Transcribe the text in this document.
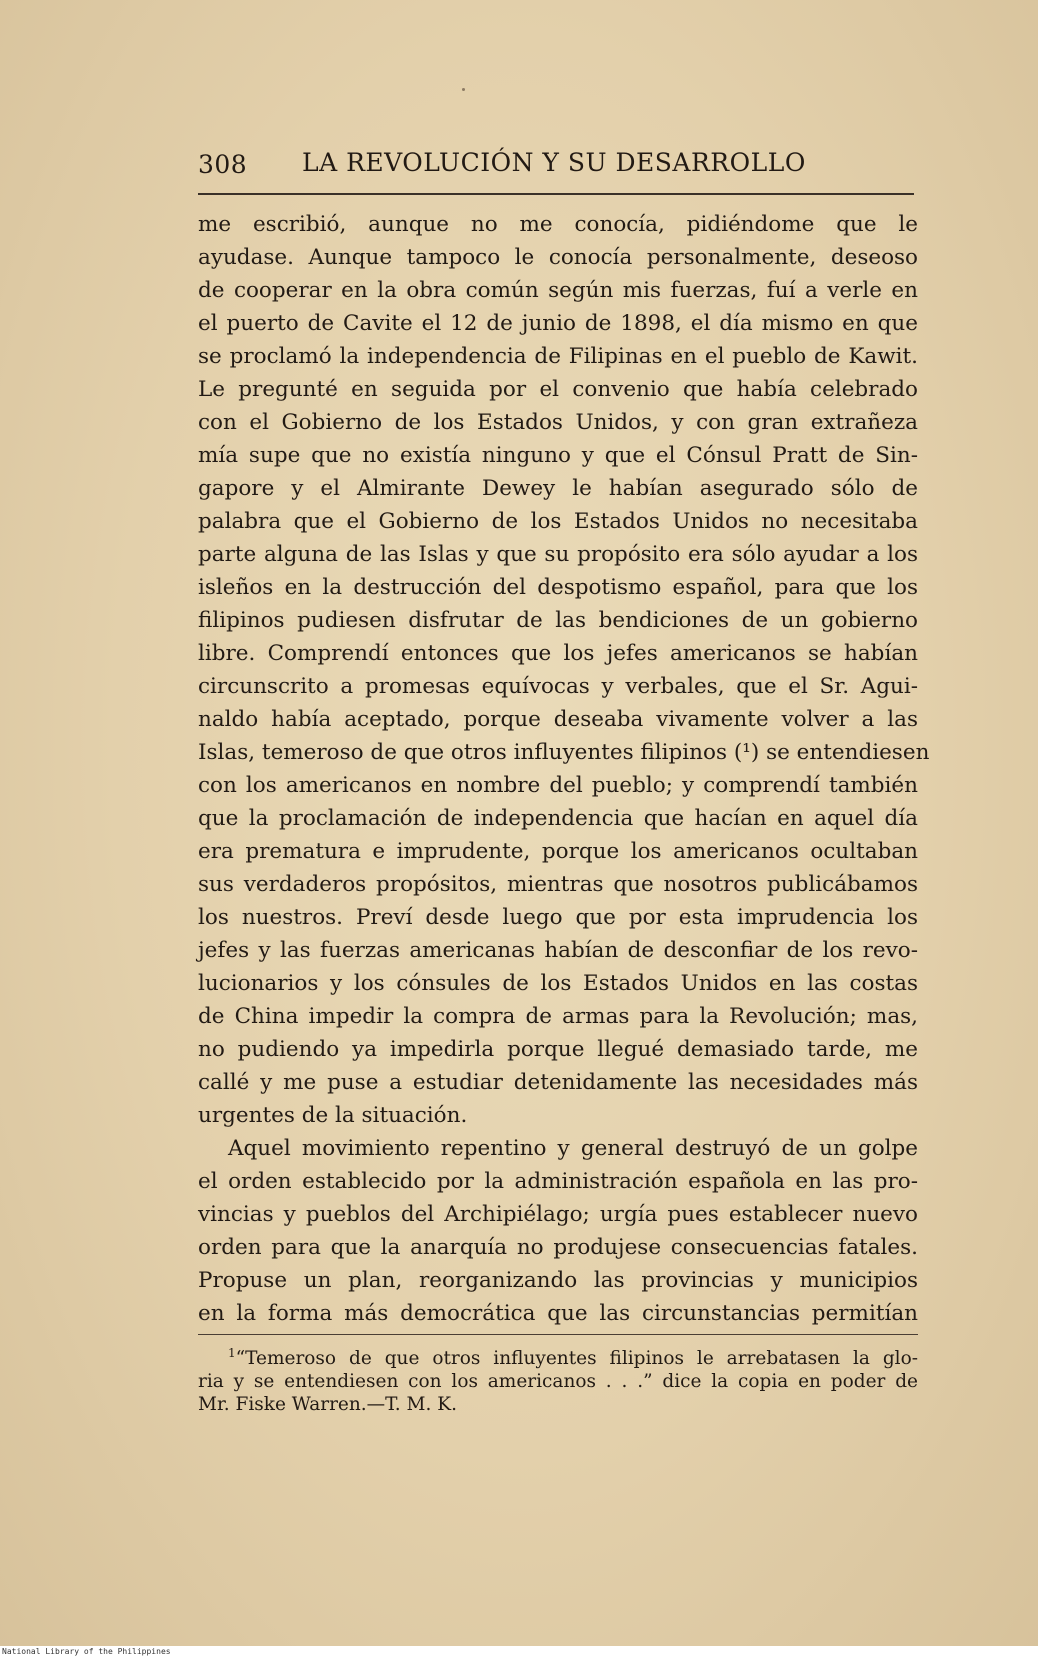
308 LA REVOLUCIÓN Y SU DESARROLLO
me escribió, aunque no me conocía, pidiéndome que le
ayudase. Aunque tampoco le conocía personalmente, deseoso
de cooperar en la obra común según mis fuerzas, fuí a verle en
el puerto de Cavite el 12 de junio de 1898, el día mismo en que
se proclamó la independencia de Filipinas en el pueblo de Kawit.
Le pregunté en seguida por el convenio que había celebrado
con el Gobierno de los Estados Unidos, y con gran extrañeza
mía supe que no existía ninguno y que el Cónsul Pratt de Sin-
gapore y el Almirante Dewey le habían asegurado sólo de
palabra que el Gobierno de los Estados Unidos no necesitaba
parte alguna de las Islas y que su propósito era sólo ayudar a los
isleños en la destrucción del despotismo español, para que los
filipinos pudiesen disfrutar de las bendiciones de un gobierno
libre. Comprendí entonces que los jefes americanos se habían
circunscrito a promesas equívocas y verbales, que el Sr. Agui-
naldo había aceptado, porque deseaba vivamente volver a las
Islas, temeroso de que otros influyentes filipinos (¹) se entendiesen
con los americanos en nombre del pueblo; y comprendí también
que la proclamación de independencia que hacían en aquel día
era prematura e imprudente, porque los americanos ocultaban
sus verdaderos propósitos, mientras que nosotros publicábamos
los nuestros. Preví desde luego que por esta imprudencia los
jefes y las fuerzas americanas habían de desconfiar de los revo-
lucionarios y los cónsules de los Estados Unidos en las costas
de China impedir la compra de armas para la Revolución; mas,
no pudiendo ya impedirla porque llegué demasiado tarde, me
callé y me puse a estudiar detenidamente las necesidades más
urgentes de la situación.
Aquel movimiento repentino y general destruyó de un golpe
el orden establecido por la administración española en las pro-
vincias y pueblos del Archipiélago; urgía pues establecer nuevo
orden para que la anarquía no produjese consecuencias fatales.
Propuse un plan, reorganizando las provincias y municipios
en la forma más democrática que las circunstancias permitían
$^1$“Temeroso de que otros influyentes filipinos le arrebatasen la glo-
ria y se entendiesen con los americanos . . .” dice la copia en poder de
Mr. Fiske Warren.—T. M. K.
National Library of the Philippines
